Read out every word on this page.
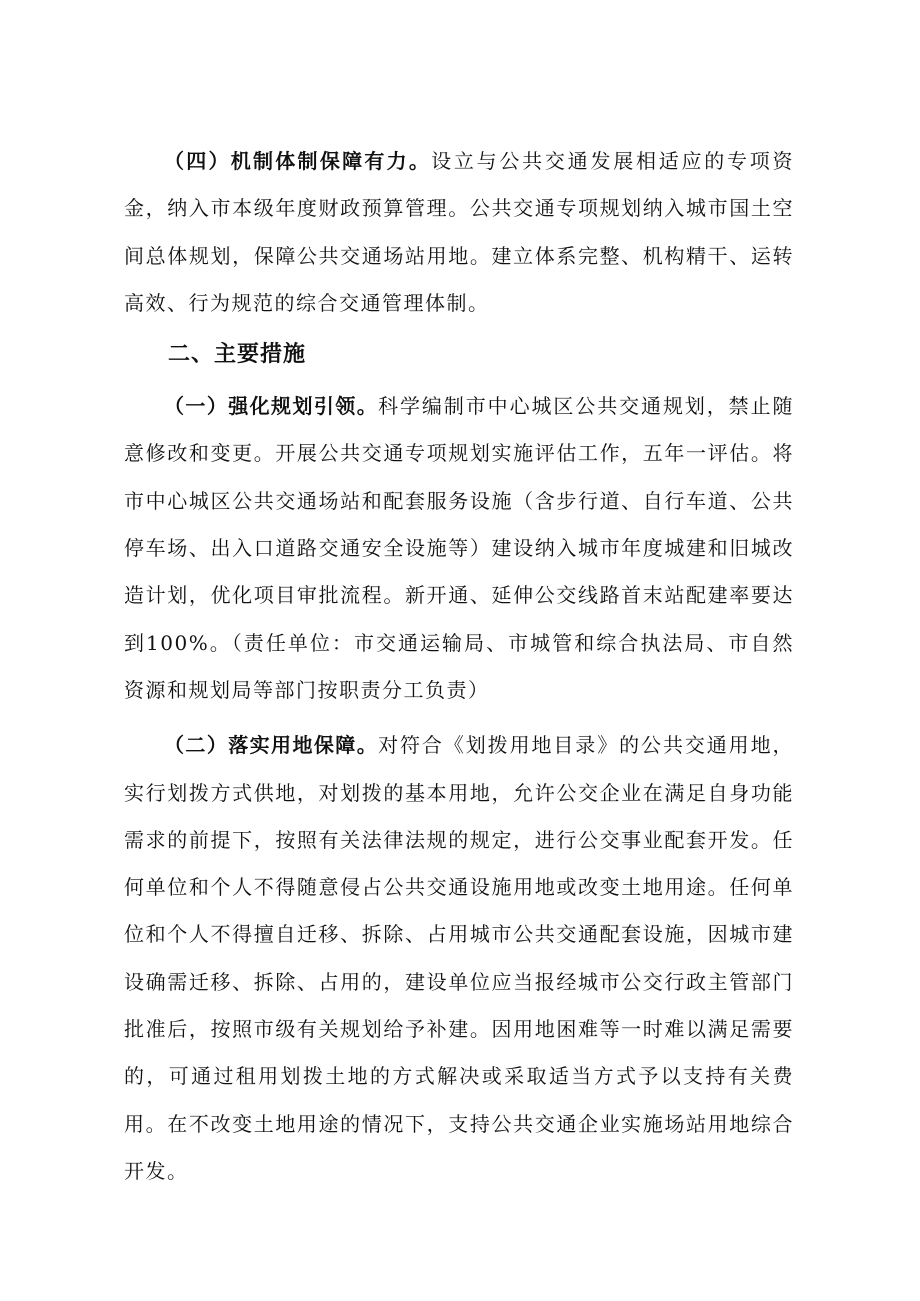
（四）机制体制保障有力。设立与公共交通发展相适应的专项资金，纳入市本级年度财政预算管理。公共交通专项规划纳入城市国土空间总体规划，保障公共交通场站用地。建立体系完整、机构精干、运转高效、行为规范的综合交通管理体制。

二、主要措施

（一）强化规划引领。科学编制市中心城区公共交通规划，禁止随意修改和变更。开展公共交通专项规划实施评估工作，五年一评估。将市中心城区公共交通场站和配套服务设施（含步行道、自行车道、公共停车场、出入口道路交通安全设施等）建设纳入城市年度城建和旧城改造计划，优化项目审批流程。新开通、延伸公交线路首末站配建率要达到100%。（责任单位：市交通运输局、市城管和综合执法局、市自然资源和规划局等部门按职责分工负责）

（二）落实用地保障。对符合《划拨用地目录》的公共交通用地，实行划拨方式供地，对划拨的基本用地，允许公交企业在满足自身功能需求的前提下，按照有关法律法规的规定，进行公交事业配套开发。任何单位和个人不得随意侵占公共交通设施用地或改变土地用途。任何单位和个人不得擅自迁移、拆除、占用城市公共交通配套设施，因城市建设确需迁移、拆除、占用的，建设单位应当报经城市公交行政主管部门批准后，按照市级有关规划给予补建。因用地困难等一时难以满足需要的，可通过租用划拨土地的方式解决或采取适当方式予以支持有关费用。在不改变土地用途的情况下，支持公共交通企业实施场站用地综合开发。
